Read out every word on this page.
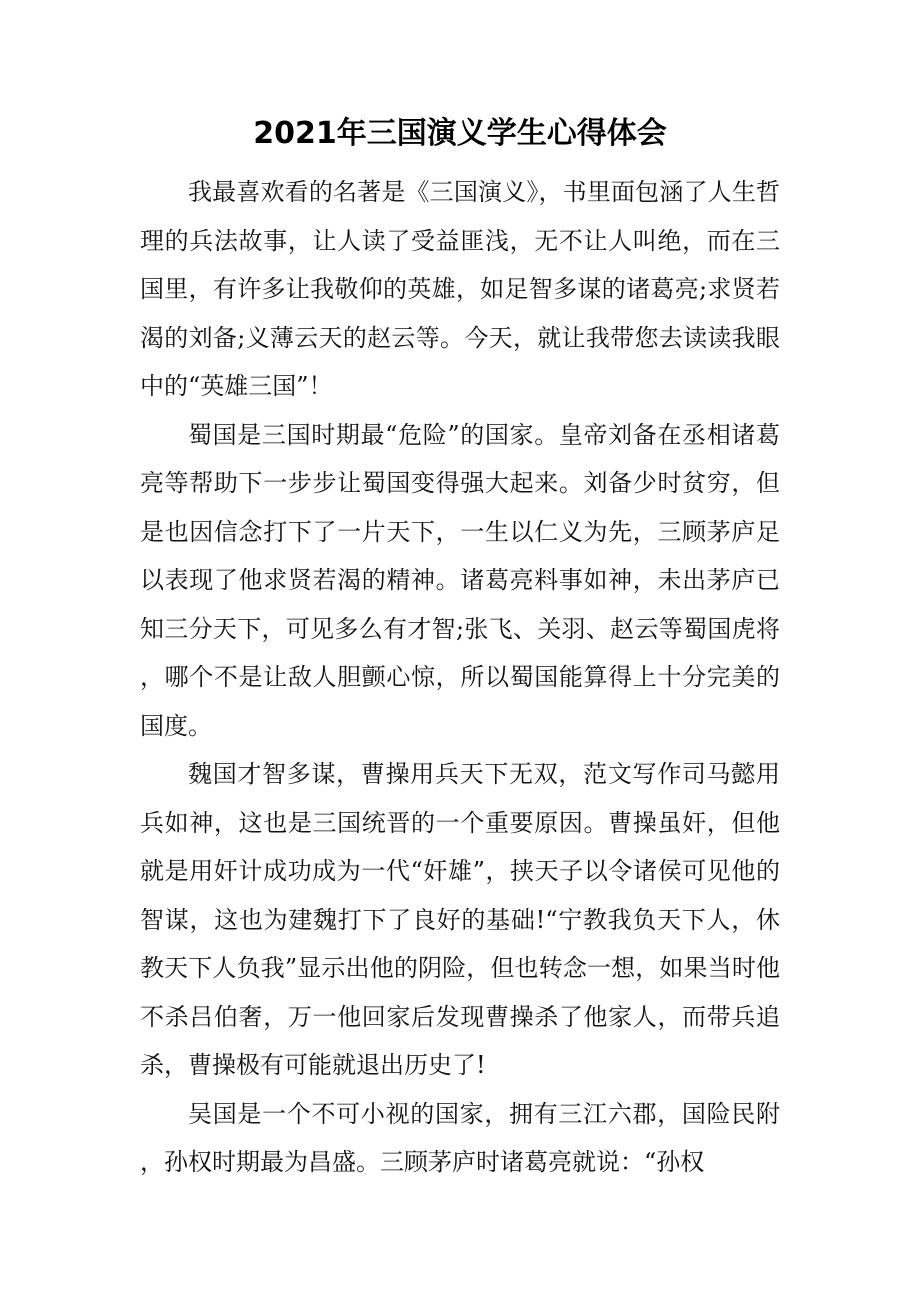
2021年三国演义学生心得体会

我最喜欢看的名著是《三国演义》，书里面包涵了人生哲理的兵法故事，让人读了受益匪浅，无不让人叫绝，而在三国里，有许多让我敬仰的英雄，如足智多谋的诸葛亮;求贤若渴的刘备;义薄云天的赵云等。今天，就让我带您去读读我眼中的“英雄三国”！

蜀国是三国时期最“危险”的国家。皇帝刘备在丞相诸葛亮等帮助下一步步让蜀国变得强大起来。刘备少时贫穷，但是也因信念打下了一片天下，一生以仁义为先，三顾茅庐足以表现了他求贤若渴的精神。诸葛亮料事如神，未出茅庐已知三分天下，可见多么有才智;张飞、关羽、赵云等蜀国虎将，哪个不是让敌人胆颤心惊，所以蜀国能算得上十分完美的国度。

魏国才智多谋，曹操用兵天下无双，范文写作司马懿用兵如神，这也是三国统晋的一个重要原因。曹操虽奸，但他就是用奸计成功成为一代“奸雄”，挟天子以令诸侯可见他的智谋，这也为建魏打下了良好的基础!“宁教我负天下人，休教天下人负我”显示出他的阴险，但也转念一想，如果当时他不杀吕伯奢，万一他回家后发现曹操杀了他家人，而带兵追杀，曹操极有可能就退出历史了!

吴国是一个不可小视的国家，拥有三江六郡，国险民附，孙权时期最为昌盛。三顾茅庐时诸葛亮就说：“孙权
